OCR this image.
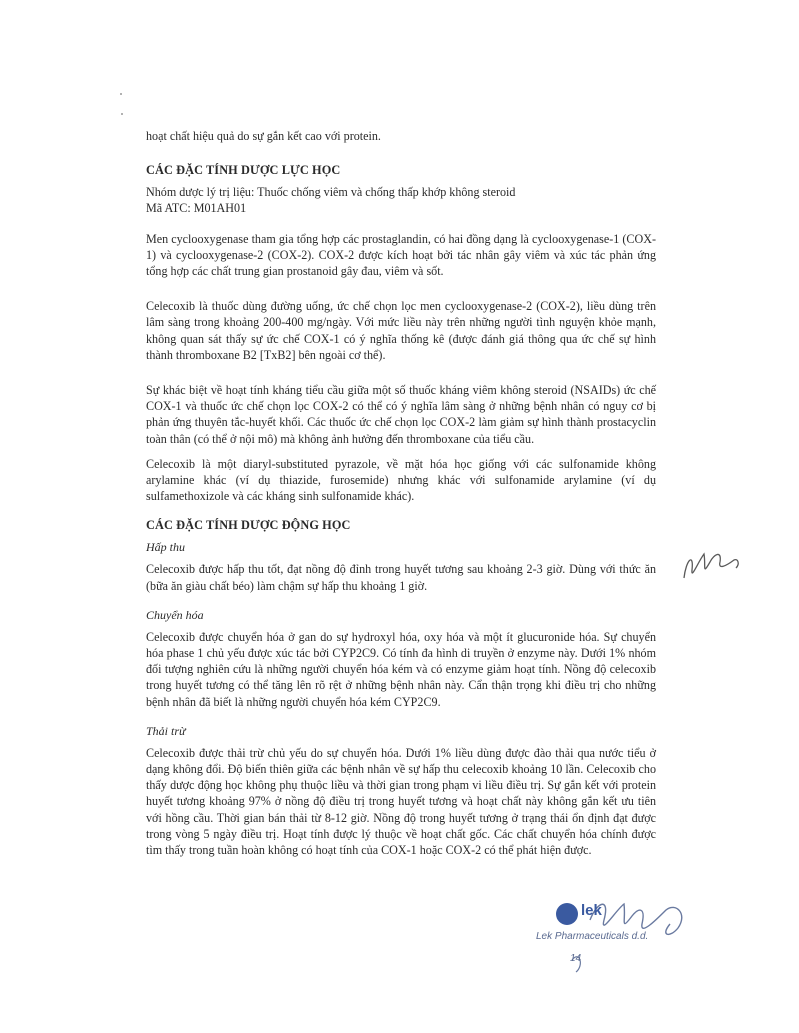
hoạt chất hiệu quả do sự gắn kết cao với protein.

CÁC ĐẶC TÍNH DƯỢC LỰC HỌC

Nhóm dược lý trị liệu: Thuốc chống viêm và chống thấp khớp không steroid

Mã ATC: M01AH01

Men cyclooxygenase tham gia tổng hợp các prostaglandin, có hai đồng dạng là cyclooxygenase-1 (COX-1) và cyclooxygenase-2 (COX-2). COX-2 được kích hoạt bởi tác nhân gây viêm và xúc tác phản ứng tổng hợp các chất trung gian prostanoid gây đau, viêm và sốt.

Celecoxib là thuốc dùng đường uống, ức chế chọn lọc men cyclooxygenase-2 (COX-2), liều dùng trên lâm sàng trong khoảng 200-400 mg/ngày. Với mức liều này trên những người tình nguyện khỏe mạnh, không quan sát thấy sự ức chế COX-1 có ý nghĩa thống kê (được đánh giá thông qua ức chế sự hình thành thromboxane B2 [TxB2] bên ngoài cơ thể).

Sự khác biệt về hoạt tính kháng tiểu cầu giữa một số thuốc kháng viêm không steroid (NSAIDs) ức chế COX-1 và thuốc ức chế chọn lọc COX-2 có thể có ý nghĩa lâm sàng ở những bệnh nhân có nguy cơ bị phản ứng thuyên tắc-huyết khối. Các thuốc ức chế chọn lọc COX-2 làm giảm sự hình thành prostacyclin toàn thân (có thể ở nội mô) mà không ảnh hưởng đến thromboxane của tiểu cầu.

Celecoxib là một diaryl-substituted pyrazole, về mặt hóa học giống với các sulfonamide không arylamine khác (ví dụ thiazide, furosemide) nhưng khác với sulfonamide arylamine (ví dụ sulfamethoxizole và các kháng sinh sulfonamide khác).

CÁC ĐẶC TÍNH DƯỢC ĐỘNG HỌC

Hấp thu

Celecoxib được hấp thu tốt, đạt nồng độ đỉnh trong huyết tương sau khoảng 2-3 giờ. Dùng với thức ăn (bữa ăn giàu chất béo) làm chậm sự hấp thu khoảng 1 giờ.

Chuyển hóa

Celecoxib được chuyển hóa ở gan do sự hydroxyl hóa, oxy hóa và một ít glucuronide hóa. Sự chuyển hóa phase 1 chủ yếu được xúc tác bởi CYP2C9. Có tính đa hình di truyền ở enzyme này. Dưới 1% nhóm đối tượng nghiên cứu là những người chuyển hóa kém và có enzyme giảm hoạt tính. Nồng độ celecoxib trong huyết tương có thể tăng lên rõ rệt ở những bệnh nhân này. Cẩn thận trọng khi điều trị cho những bệnh nhân đã biết là những người chuyển hóa kém CYP2C9.

Thải trừ

Celecoxib được thải trừ chủ yếu do sự chuyển hóa. Dưới 1% liều dùng được đào thải qua nước tiểu ở dạng không đổi. Độ biến thiên giữa các bệnh nhân về sự hấp thu celecoxib khoảng 10 lần. Celecoxib cho thấy dược động học không phụ thuộc liều và thời gian trong phạm vi liều điều trị. Sự gắn kết với protein huyết tương khoảng 97% ở nồng độ điều trị trong huyết tương và hoạt chất này không gắn kết ưu tiên với hồng cầu. Thời gian bán thải từ 8-12 giờ. Nồng độ trong huyết tương ở trạng thái ổn định đạt được trong vòng 5 ngày điều trị. Hoạt tính được lý thuộc về hoạt chất gốc. Các chất chuyển hóa chính được tìm thấy trong tuần hoàn không có hoạt tính của COX-1 hoặc COX-2 có thể phát hiện được.

lek
Lek Pharmaceuticals d.d.
14
